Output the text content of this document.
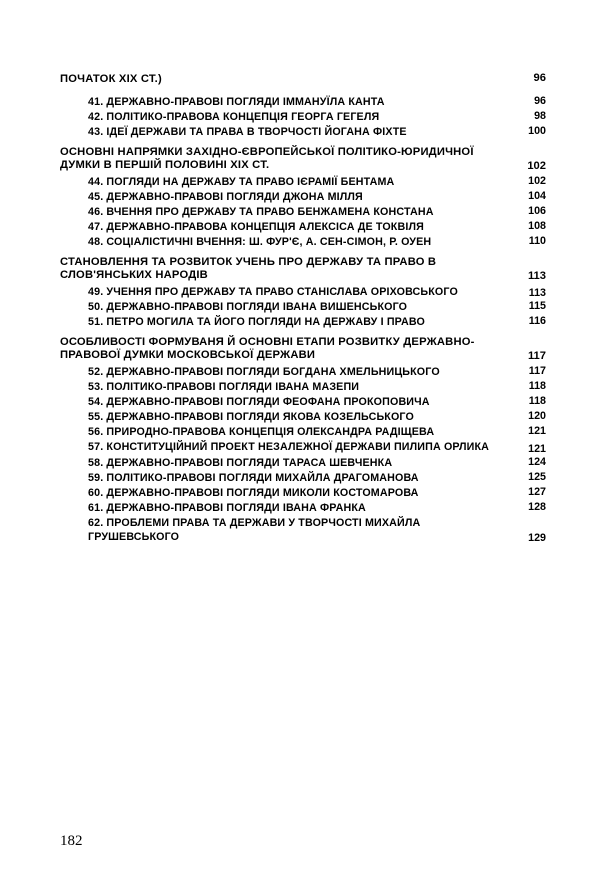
ПОЧАТОК XIX СТ.)	96
41. ДЕРЖАВНО-ПРАВОВІ ПОГЛЯДИ ІММАНУЇЛА КАНТА	96
42. ПОЛІТИКО-ПРАВОВА КОНЦЕПЦІЯ ГЕОРГА ГЕГЕЛЯ	98
43. ІДЕЇ ДЕРЖАВИ ТА ПРАВА В ТВОРЧОСТІ ЙОГАНА ФІХТЕ	100
ОСНОВНІ НАПРЯМКИ ЗАХІДНО-ЄВРОПЕЙСЬКОЇ ПОЛІТИКО-ЮРИДИЧНОЇ ДУМКИ В ПЕРШІЙ ПОЛОВИНІ XIX СТ.	102
44. ПОГЛЯДИ НА ДЕРЖАВУ ТА ПРАВО ІЄРАМІЇ БЕНТАМА	102
45. ДЕРЖАВНО-ПРАВОВІ ПОГЛЯДИ ДЖОНА МІЛЛЯ	104
46. ВЧЕННЯ ПРО ДЕРЖАВУ ТА ПРАВО БЕНЖАМЕНА КОНСТАНА	106
47. ДЕРЖАВНО-ПРАВОВА КОНЦЕПЦІЯ АЛЕКСІСА ДЕ ТОКВІЛЯ	108
48. СОЦІАЛІСТИЧНІ ВЧЕННЯ: Ш. ФУР'Є, А. СЕН-СІМОН, Р. ОУЕН	110
СТАНОВЛЕННЯ ТА РОЗВИТОК УЧЕНЬ ПРО ДЕРЖАВУ ТА ПРАВО В СЛОВ'ЯНСЬКИХ НАРОДІВ	113
49. УЧЕННЯ ПРО ДЕРЖАВУ ТА ПРАВО СТАНІСЛАВА ОРІХОВСЬКОГО	113
50. ДЕРЖАВНО-ПРАВОВІ ПОГЛЯДИ ІВАНА ВИШЕНСЬКОГО	115
51. ПЕТРО МОГИЛА ТА ЙОГО ПОГЛЯДИ НА ДЕРЖАВУ І ПРАВО	116
ОСОБЛИВОСТІ ФОРМУВАНЯ Й ОСНОВНІ ЕТАПИ РОЗВИТКУ ДЕРЖАВНО-ПРАВОВОЇ ДУМКИ МОСКОВСЬКОЇ ДЕРЖАВИ	117
52. ДЕРЖАВНО-ПРАВОВІ ПОГЛЯДИ БОГДАНА ХМЕЛЬНИЦЬКОГО	117
53. ПОЛІТИКО-ПРАВОВІ ПОГЛЯДИ ІВАНА МАЗЕПИ	118
54. ДЕРЖАВНО-ПРАВОВІ ПОГЛЯДИ ФЕОФАНА ПРОКОПОВИЧА	118
55. ДЕРЖАВНО-ПРАВОВІ ПОГЛЯДИ ЯКОВА КОЗЕЛЬСЬКОГО	120
56. ПРИРОДНО-ПРАВОВА КОНЦЕПЦІЯ ОЛЕКСАНДРА РАДІЩЕВА	121
57. КОНСТИТУЦІЙНИЙ ПРОЕКТ НЕЗАЛЕЖНОЇ ДЕРЖАВИ ПИЛИПА ОРЛИКА	121
58. ДЕРЖАВНО-ПРАВОВІ ПОГЛЯДИ ТАРАСА ШЕВЧЕНКА	124
59. ПОЛІТИКО-ПРАВОВІ ПОГЛЯДИ МИХАЙЛА ДРАГОМАНОВА	125
60. ДЕРЖАВНО-ПРАВОВІ ПОГЛЯДИ МИКОЛИ КОСТОМАРОВА	127
61. ДЕРЖАВНО-ПРАВОВІ ПОГЛЯДИ ІВАНА ФРАНКА	128
62. ПРОБЛЕМИ ПРАВА ТА ДЕРЖАВИ У ТВОРЧОСТІ МИХАЙЛА ГРУШЕВСЬКОГО	129
182
